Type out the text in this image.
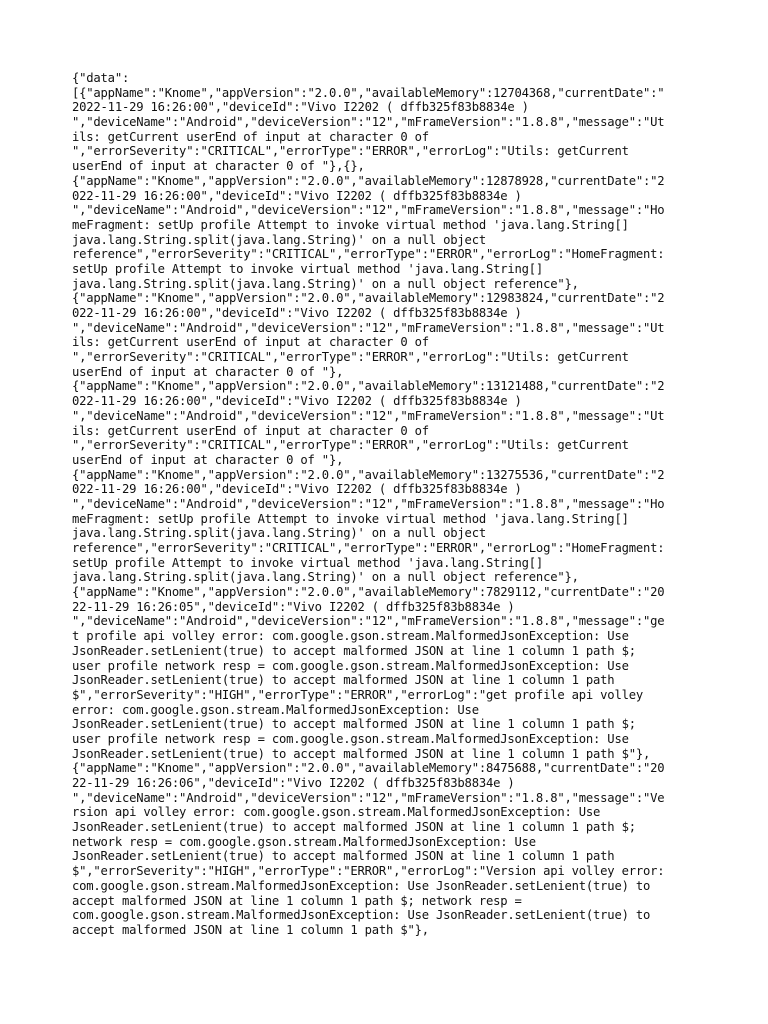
{"data":
[{"appName":"Knome","appVersion":"2.0.0","availableMemory":12704368,"currentDate":"
2022-11-29 16:26:00","deviceId":"Vivo I2202 ( dffb325f83b8834e )
","deviceName":"Android","deviceVersion":"12","mFrameVersion":"1.8.8","message":"Ut
ils: getCurrent userEnd of input at character 0 of
","errorSeverity":"CRITICAL","errorType":"ERROR","errorLog":"Utils: getCurrent
userEnd of input at character 0 of "},{},
{"appName":"Knome","appVersion":"2.0.0","availableMemory":12878928,"currentDate":"2
022-11-29 16:26:00","deviceId":"Vivo I2202 ( dffb325f83b8834e )
","deviceName":"Android","deviceVersion":"12","mFrameVersion":"1.8.8","message":"Ho
meFragment: setUp profile Attempt to invoke virtual method 'java.lang.String[]
java.lang.String.split(java.lang.String)' on a null object
reference","errorSeverity":"CRITICAL","errorType":"ERROR","errorLog":"HomeFragment:
setUp profile Attempt to invoke virtual method 'java.lang.String[]
java.lang.String.split(java.lang.String)' on a null object reference"},
{"appName":"Knome","appVersion":"2.0.0","availableMemory":12983824,"currentDate":"2
022-11-29 16:26:00","deviceId":"Vivo I2202 ( dffb325f83b8834e )
","deviceName":"Android","deviceVersion":"12","mFrameVersion":"1.8.8","message":"Ut
ils: getCurrent userEnd of input at character 0 of
","errorSeverity":"CRITICAL","errorType":"ERROR","errorLog":"Utils: getCurrent
userEnd of input at character 0 of "},
{"appName":"Knome","appVersion":"2.0.0","availableMemory":13121488,"currentDate":"2
022-11-29 16:26:00","deviceId":"Vivo I2202 ( dffb325f83b8834e )
","deviceName":"Android","deviceVersion":"12","mFrameVersion":"1.8.8","message":"Ut
ils: getCurrent userEnd of input at character 0 of
","errorSeverity":"CRITICAL","errorType":"ERROR","errorLog":"Utils: getCurrent
userEnd of input at character 0 of "},
{"appName":"Knome","appVersion":"2.0.0","availableMemory":13275536,"currentDate":"2
022-11-29 16:26:00","deviceId":"Vivo I2202 ( dffb325f83b8834e )
","deviceName":"Android","deviceVersion":"12","mFrameVersion":"1.8.8","message":"Ho
meFragment: setUp profile Attempt to invoke virtual method 'java.lang.String[]
java.lang.String.split(java.lang.String)' on a null object
reference","errorSeverity":"CRITICAL","errorType":"ERROR","errorLog":"HomeFragment:
setUp profile Attempt to invoke virtual method 'java.lang.String[]
java.lang.String.split(java.lang.String)' on a null object reference"},
{"appName":"Knome","appVersion":"2.0.0","availableMemory":7829112,"currentDate":"20
22-11-29 16:26:05","deviceId":"Vivo I2202 ( dffb325f83b8834e )
","deviceName":"Android","deviceVersion":"12","mFrameVersion":"1.8.8","message":"ge
t profile api volley error: com.google.gson.stream.MalformedJsonException: Use
JsonReader.setLenient(true) to accept malformed JSON at line 1 column 1 path $;
user profile network resp = com.google.gson.stream.MalformedJsonException: Use
JsonReader.setLenient(true) to accept malformed JSON at line 1 column 1 path
$","errorSeverity":"HIGH","errorType":"ERROR","errorLog":"get profile api volley
error: com.google.gson.stream.MalformedJsonException: Use
JsonReader.setLenient(true) to accept malformed JSON at line 1 column 1 path $;
user profile network resp = com.google.gson.stream.MalformedJsonException: Use
JsonReader.setLenient(true) to accept malformed JSON at line 1 column 1 path $"},
{"appName":"Knome","appVersion":"2.0.0","availableMemory":8475688,"currentDate":"20
22-11-29 16:26:06","deviceId":"Vivo I2202 ( dffb325f83b8834e )
","deviceName":"Android","deviceVersion":"12","mFrameVersion":"1.8.8","message":"Ve
rsion api volley error: com.google.gson.stream.MalformedJsonException: Use
JsonReader.setLenient(true) to accept malformed JSON at line 1 column 1 path $;
network resp = com.google.gson.stream.MalformedJsonException: Use
JsonReader.setLenient(true) to accept malformed JSON at line 1 column 1 path
$","errorSeverity":"HIGH","errorType":"ERROR","errorLog":"Version api volley error:
com.google.gson.stream.MalformedJsonException: Use JsonReader.setLenient(true) to
accept malformed JSON at line 1 column 1 path $; network resp =
com.google.gson.stream.MalformedJsonException: Use JsonReader.setLenient(true) to
accept malformed JSON at line 1 column 1 path $"},
